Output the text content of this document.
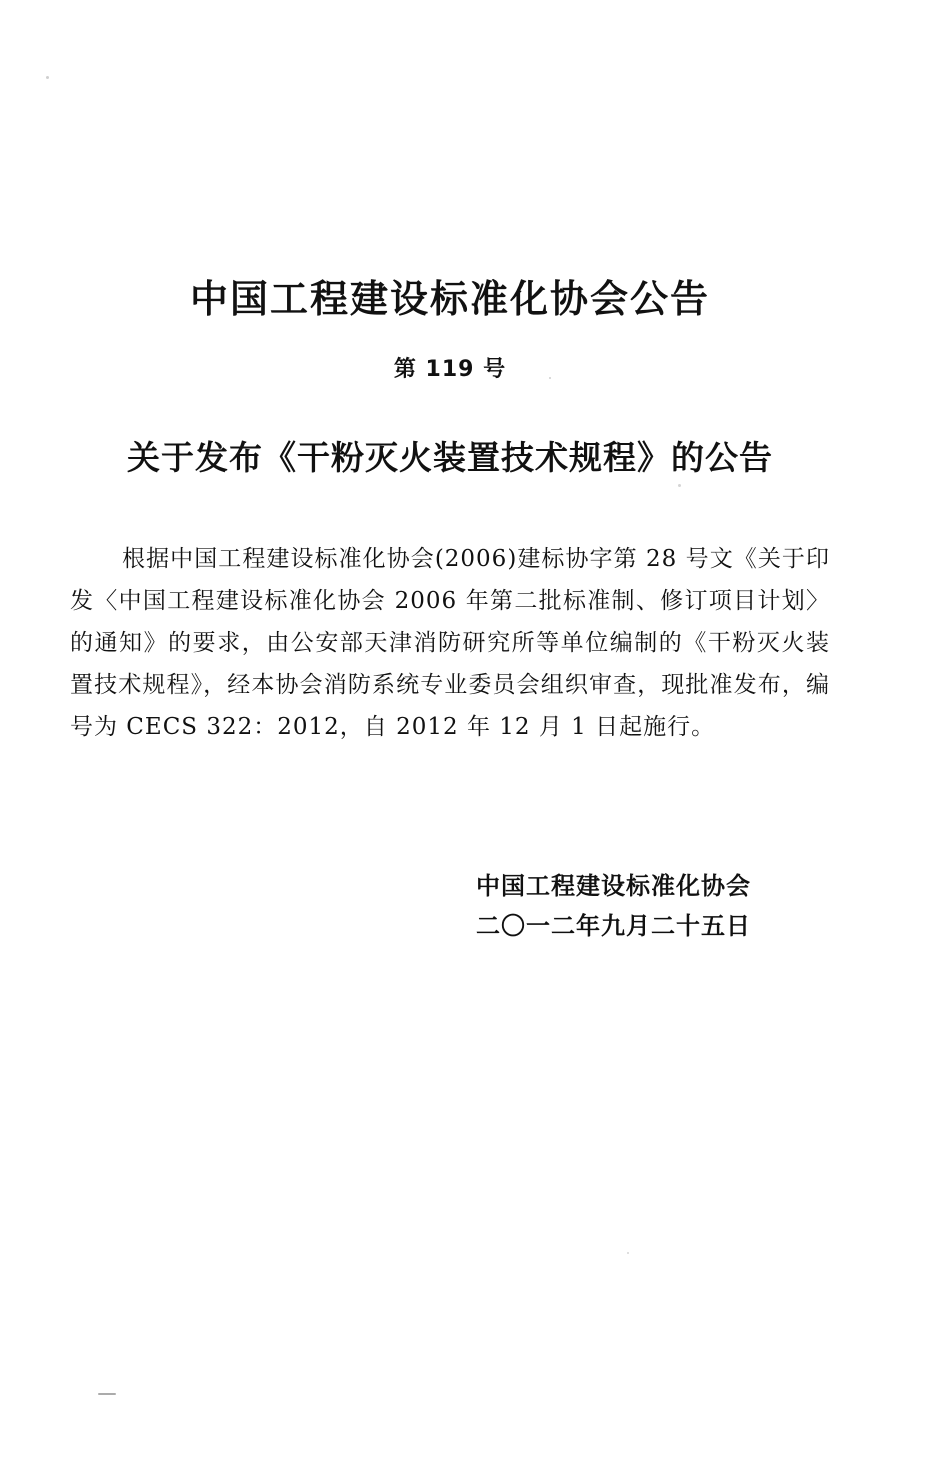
中国工程建设标准化协会公告
第 119 号
关于发布《干粉灭火装置技术规程》的公告

根据中国工程建设标准化协会(2006)建标协字第 28 号文《关于印发〈中国工程建设标准化协会 2006 年第二批标准制、修订项目计划〉的通知》的要求，由公安部天津消防研究所等单位编制的《干粉灭火装置技术规程》，经本协会消防系统专业委员会组织审查，现批准发布，编号为 CECS 322：2012，自 2012 年 12 月 1 日起施行。

中国工程建设标准化协会
二〇一二年九月二十五日
